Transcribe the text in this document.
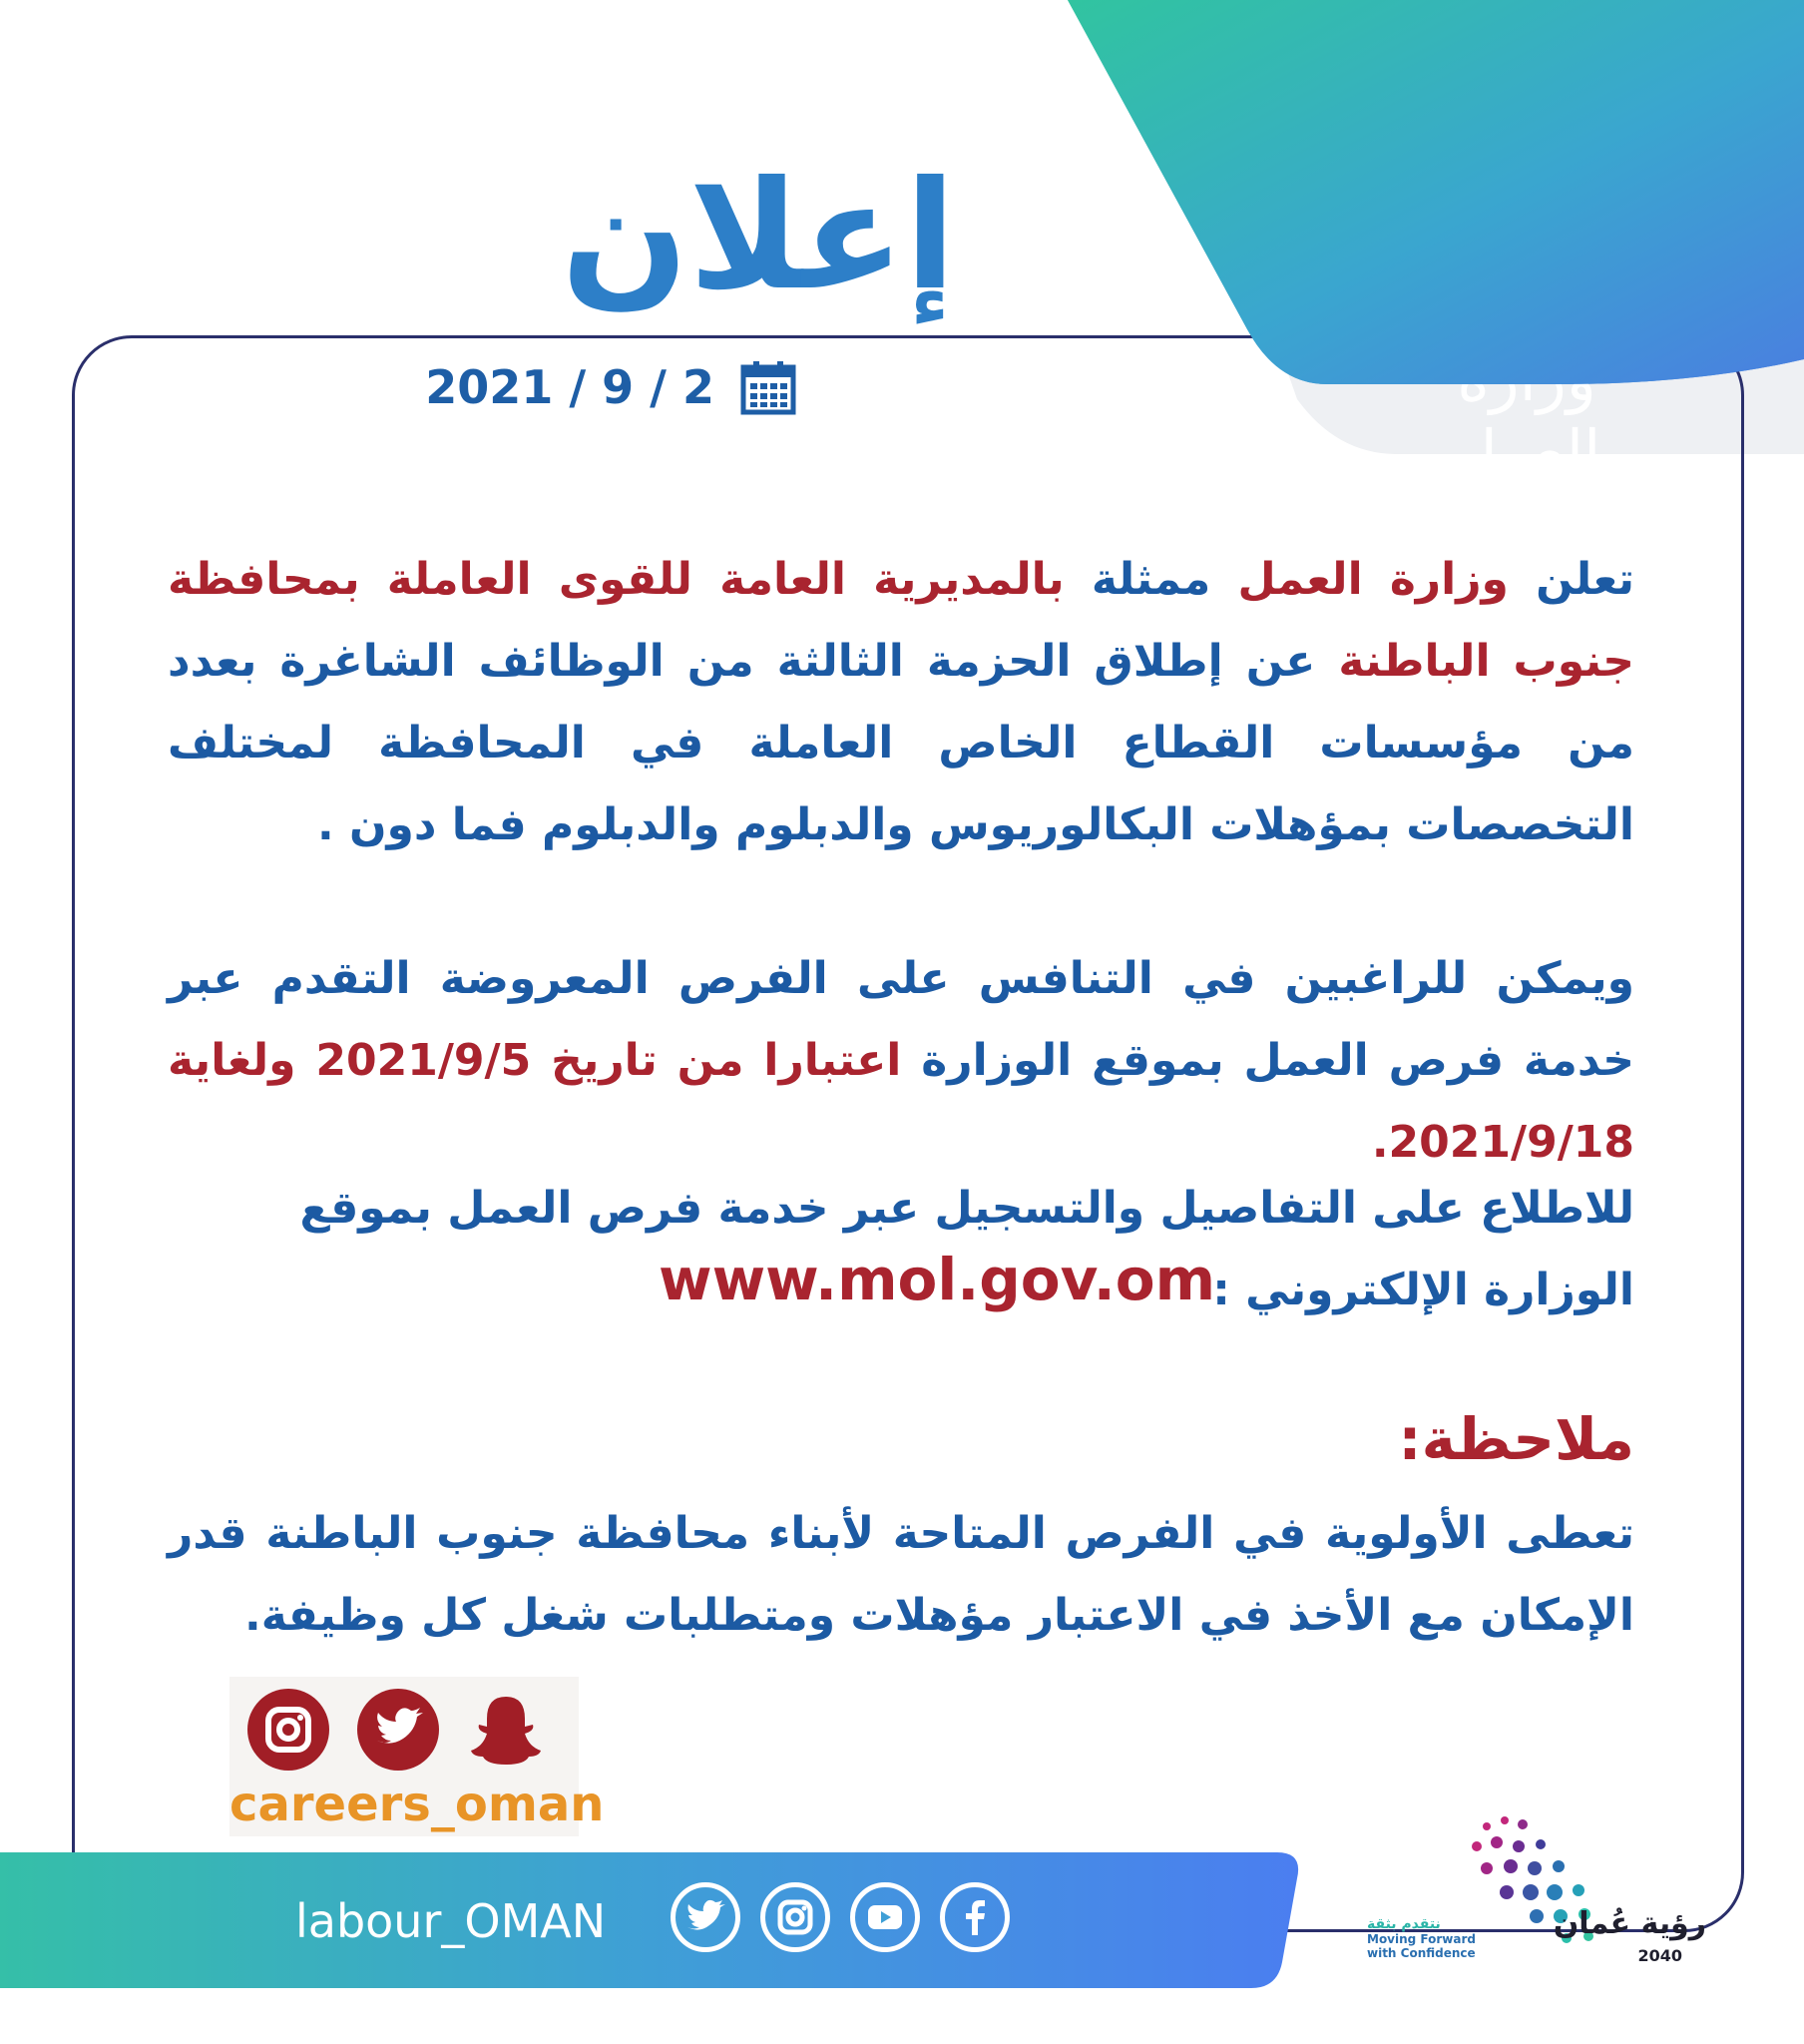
العمل
إعلان
2021 / 9 / 2
تعلن وزارة العمل ممثلة بالمديرية العامة للقوى العاملة بمحافظة جنوب الباطنة عن إطلاق الحزمة الثالثة من الوظائف الشاغرة بعدد من مؤسسات القطاع الخاص العاملة في المحافظة لمختلف التخصصات بمؤهلات البكالوريوس والدبلوم والدبلوم فما دون .
ويمكن للراغبين في التنافس على الفرص المعروضة التقدم عبر خدمة فرص العمل بموقع الوزارة اعتبارا من تاريخ 2021/9/5 ولغاية 2021/9/18.
للاطلاع على التفاصيل والتسجيل عبر خدمة فرص العمل بموقع الوزارة الإلكتروني :
www.mol.gov.om
ملاحظة:
تعطى الأولوية في الفرص المتاحة لأبناء محافظة جنوب الباطنة قدر الإمكان مع الأخذ في الاعتبار مؤهلات ومتطلبات شغل كل وظيفة.
careers_oman
labour_OMAN	رؤية عُمان
2040
نتقدم بثقة
Moving Forward
with Confidence
